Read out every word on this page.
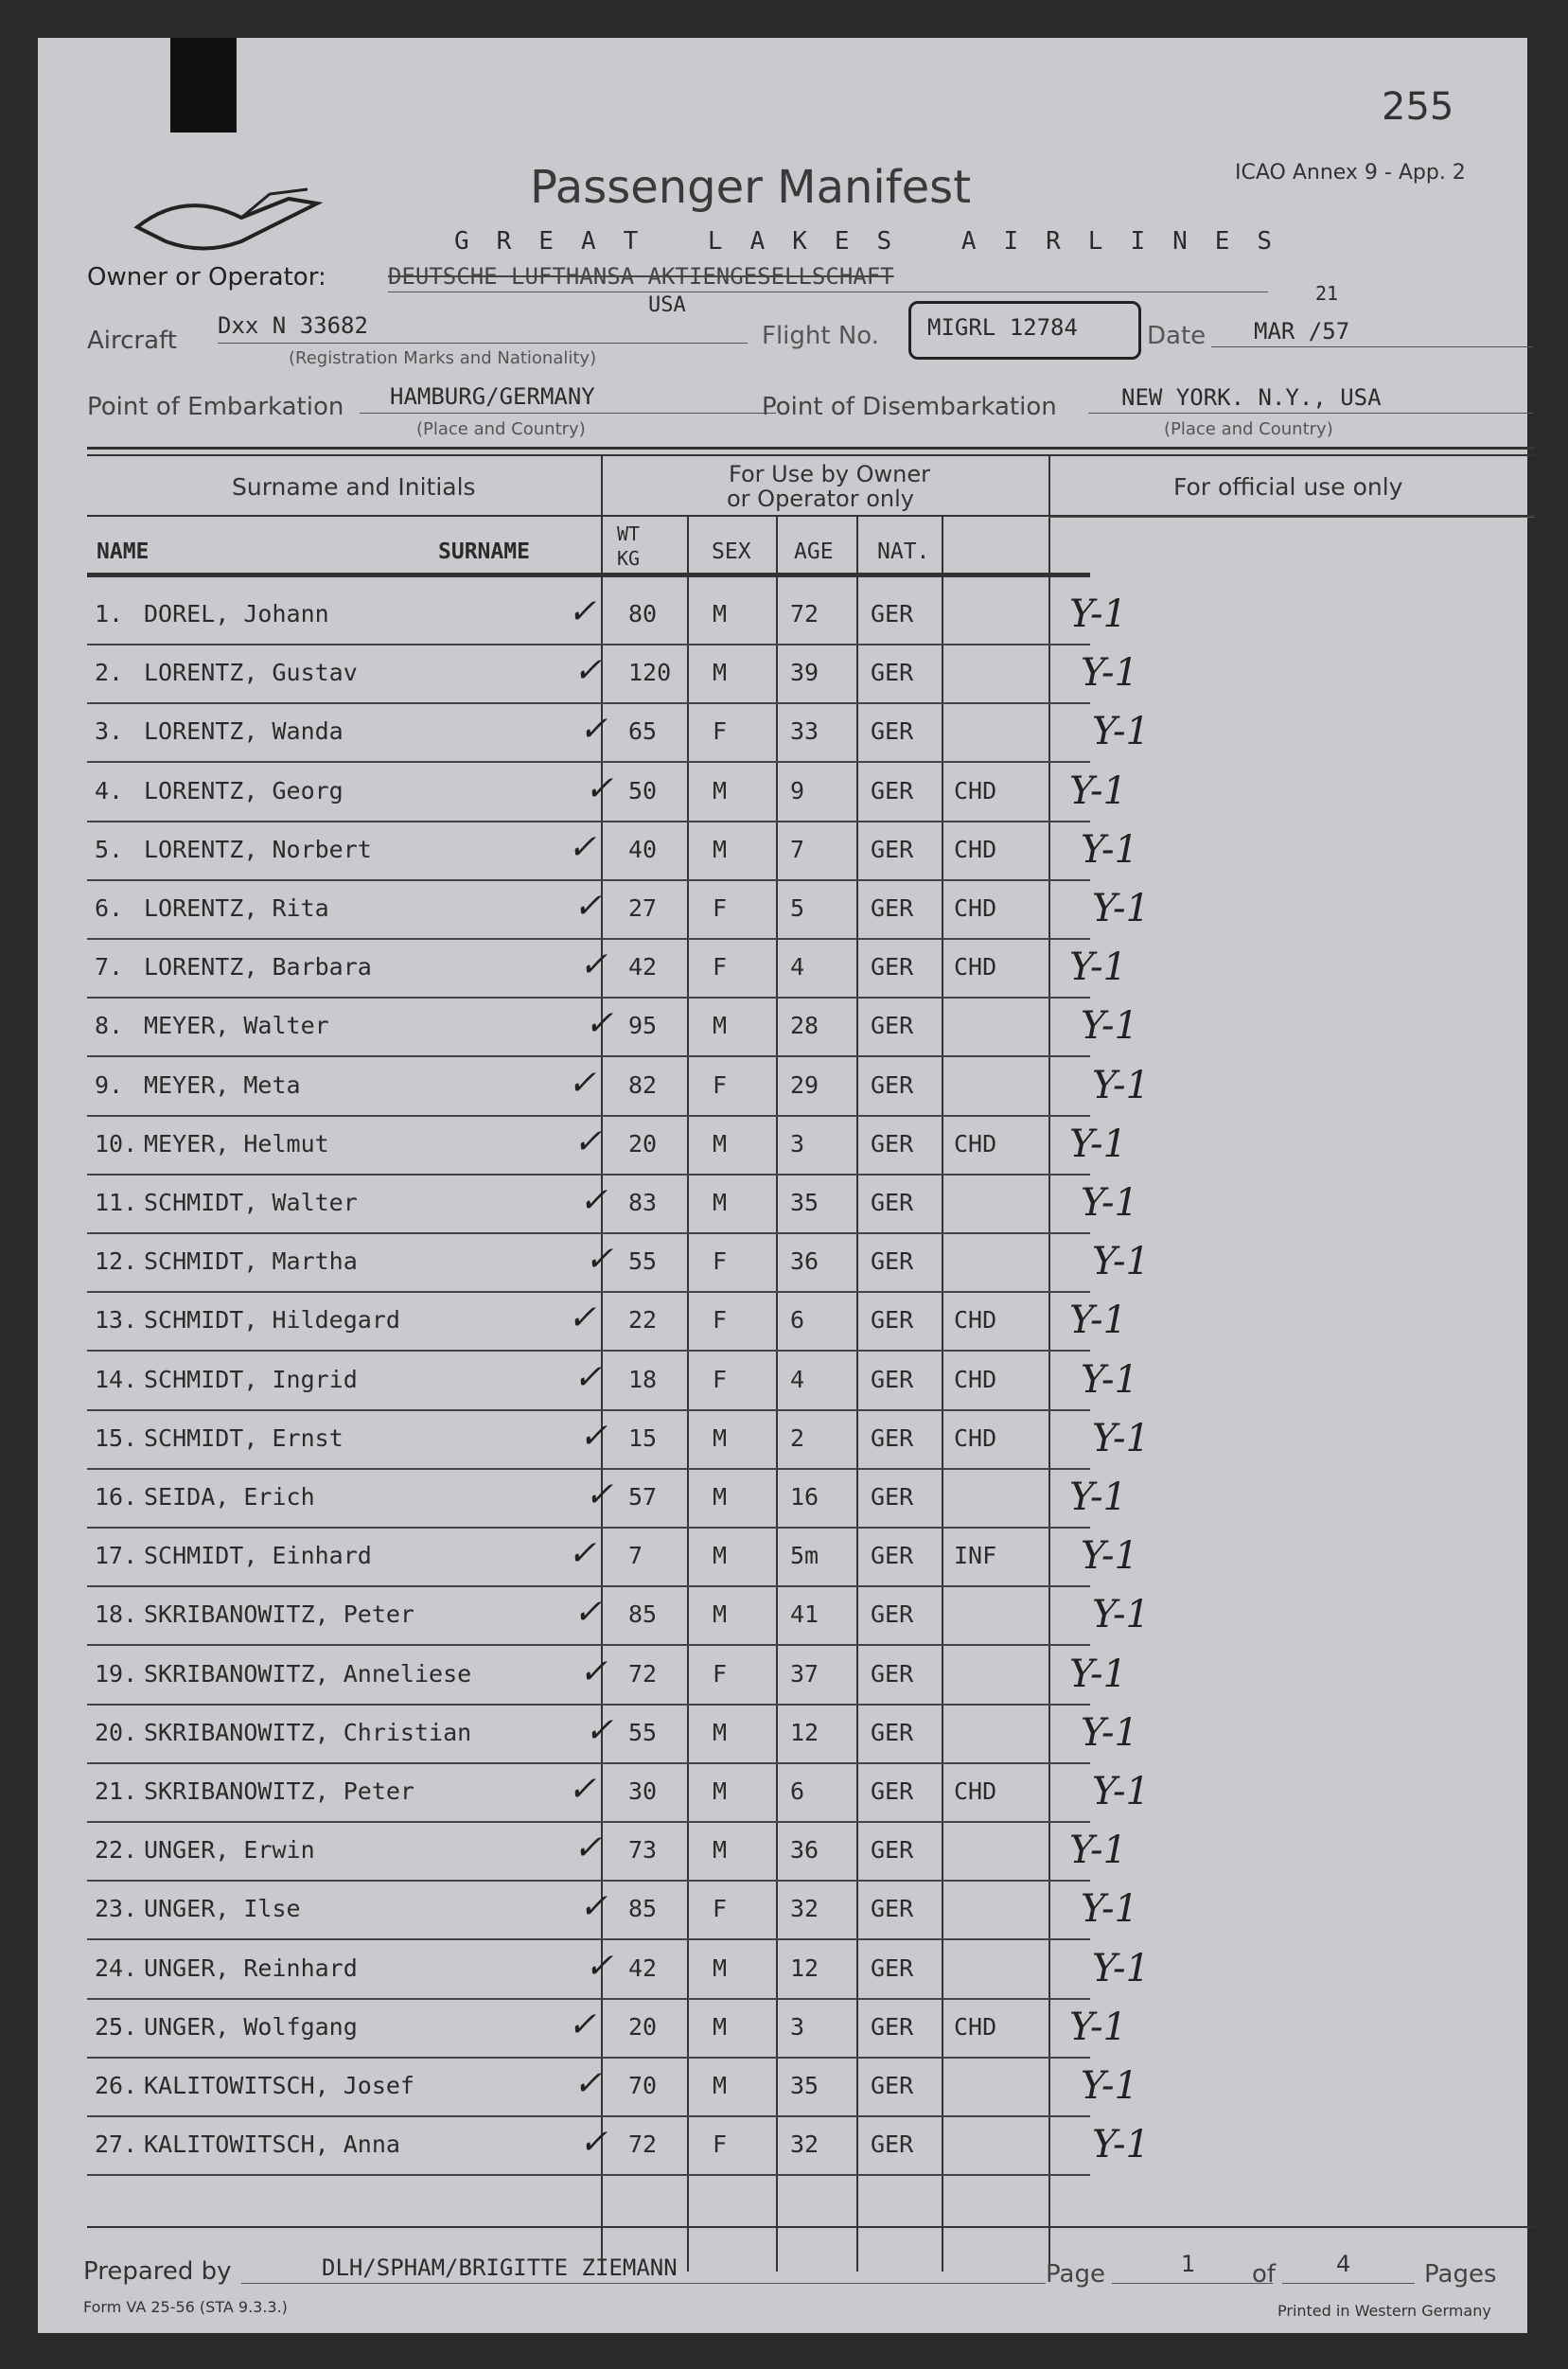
255
ICAO Annex 9 - App. 2
Passenger Manifest
GREAT LAKES AIRLINES
Owner or Operator:	DEUTSCHE LUFTHANSA AKTIENGESELLSCHAFT
Aircraft
Dxx N 33682
USA
(Registration Marks and Nationality)
Flight No. MIGRL 12784	Date
21
MAR /57
Point of Embarkation HAMBURG/GERMANY
(Place and Country)
Point of Disembarkation	NEW YORK. N.Y., USA
(Place and Country)
Surname and Initials	For Use by Owner
or Operator only	For official use only
NAME	SURNAME
WT
KG	SEX AGE NAT.
1. DOREL, Johann	80 M	72 GER	Y-1
✓
2. LORENTZ, Gustav	120 M	39 GER	Y-1
✓
3. LORENTZ, Wanda	65 F	33 GER	Y-1
✓
4. LORENTZ, Georg	50 M	9	GER CHD Y-1
✓
5. LORENTZ, Norbert	40 M	7	GER CHD Y-1
✓
6. LORENTZ, Rita	27 F	5	GER CHD	Y-1
✓
7. LORENTZ, Barbara	42 F	4	GER CHD Y-1
✓
8. MEYER, Walter	95 M	28 GER	Y-1
✓
9. MEYER, Meta	82 F	29 GER	Y-1
✓
10. MEYER, Helmut	20 M	3	GER CHD Y-1
✓
11. SCHMIDT, Walter	83 M	35 GER	Y-1
✓
12. SCHMIDT, Martha	55 F	36 GER	Y-1
✓
13. SCHMIDT, Hildegard	22 F	6	GER CHD Y-1
✓
14. SCHMIDT, Ingrid	18 F	4	GER CHD Y-1
✓
15. SCHMIDT, Ernst	15 M	2	GER CHD	Y-1
✓
16. SEIDA, Erich	57 M	16 GER	Y-1
✓
17. SCHMIDT, Einhard	7	M	5m GER INF Y-1
✓
18. SKRIBANOWITZ, Peter	85 M	41 GER	Y-1
✓
19. SKRIBANOWITZ, Anneliese	72 F	37 GER	Y-1
✓
20. SKRIBANOWITZ, Christian	55 M	12 GER	Y-1
✓
21. SKRIBANOWITZ, Peter	30 M	6	GER CHD	Y-1
✓
22. UNGER, Erwin	73 M	36 GER	Y-1
✓
23. UNGER, Ilse	85 F	32 GER	Y-1
✓
24. UNGER, Reinhard	42 M	12 GER	Y-1
✓
25. UNGER, Wolfgang	20 M	3	GER CHD Y-1
✓
26. KALITOWITSCH, Josef	70 M	35 GER	Y-1
✓
27. KALITOWITSCH, Anna	72 F	32 GER	Y-1
✓
Prepared by	DLH/SPHAM/BRIGITTE ZIEMANN	Page	1 of	4	Pages
Form VA 25-56 (STA 9.3.3.)	Printed in Western Germany
